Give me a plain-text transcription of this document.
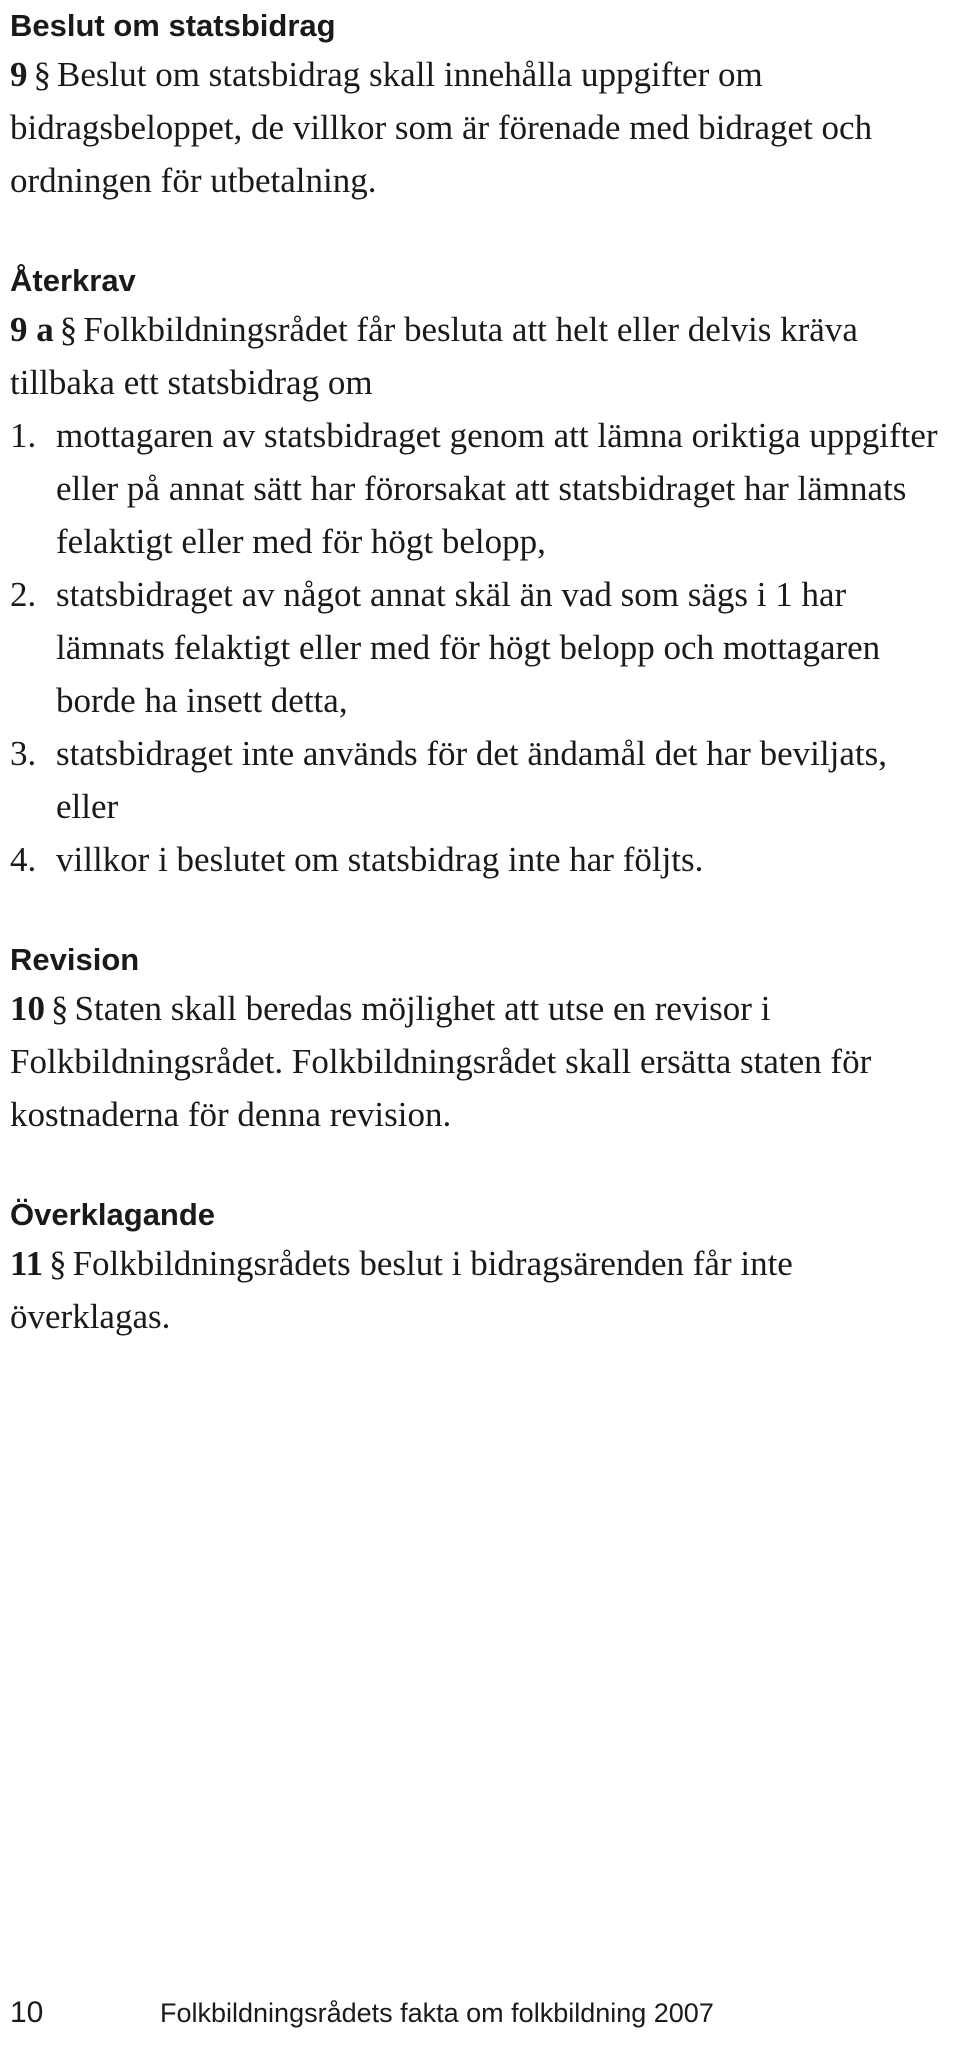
Beslut om statsbidrag

9 § Beslut om statsbidrag skall innehålla uppgifter om bidragsbeloppet, de villkor som är förenade med bidraget och ordningen för utbetalning.

Återkrav

9 a § Folkbildningsrådet får besluta att helt eller delvis kräva tillbaka ett statsbidrag om

1. mottagaren av statsbidraget genom att lämna oriktiga uppgifter eller på annat sätt har förorsakat att statsbidraget har lämnats felaktigt eller med för högt belopp,
2. statsbidraget av något annat skäl än vad som sägs i 1 har lämnats felaktigt eller med för högt belopp och mottagaren borde ha insett detta,
3. statsbidraget inte används för det ändamål det har beviljats, eller
4. villkor i beslutet om statsbidrag inte har följts.
Revision

10 § Staten skall beredas möjlighet att utse en revisor i Folkbildningsrådet. Folkbildningsrådet skall ersätta staten för kostnaderna för denna revision.

Överklagande

11 § Folkbildningsrådets beslut i bidragsärenden får inte överklagas.

10	Folkbildningsrådets fakta om folkbildning 2007
